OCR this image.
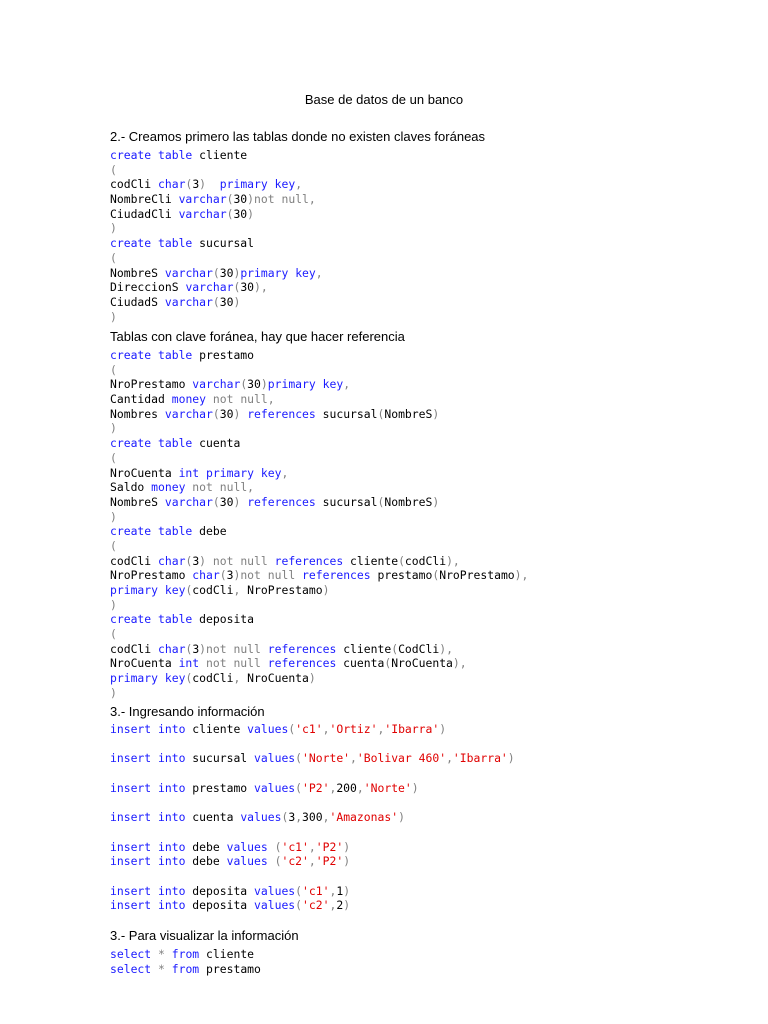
Base de datos de un banco
2.- Creamos primero las tablas donde no existen claves foráneas
create table cliente
(
codCli char(3) primary key,
NombreCli varchar(30)not null,
CiudadCli varchar(30)
)
create table sucursal
(
NombreS varchar(30)primary key,
DireccionS varchar(30),
CiudadS varchar(30)
)
Tablas con clave foránea, hay que hacer referencia
create table prestamo
(
NroPrestamo varchar(30)primary key,
Cantidad money not null,
Nombres varchar(30) references sucursal(NombreS)
)
create table cuenta
(
NroCuenta int primary key,
Saldo money not null,
NombreS varchar(30) references sucursal(NombreS)
)
create table debe
(
codCli char(3) not null references cliente(codCli),
NroPrestamo char(3)not null references prestamo(NroPrestamo),
primary key(codCli, NroPrestamo)
)
create table deposita
(
codCli char(3)not null references cliente(CodCli),
NroCuenta int not null references cuenta(NroCuenta),
primary key(codCli, NroCuenta)
)
3.- Ingresando información
insert into cliente values('c1','Ortiz','Ibarra')
insert into sucursal values('Norte','Bolivar 460','Ibarra')
insert into prestamo values('P2',200,'Norte')
insert into cuenta values(3,300,'Amazonas')
insert into debe values ('c1','P2')
insert into debe values ('c2','P2')
insert into deposita values('c1',1)
insert into deposita values('c2',2)
3.- Para visualizar la información
select * from cliente
select * from prestamo
